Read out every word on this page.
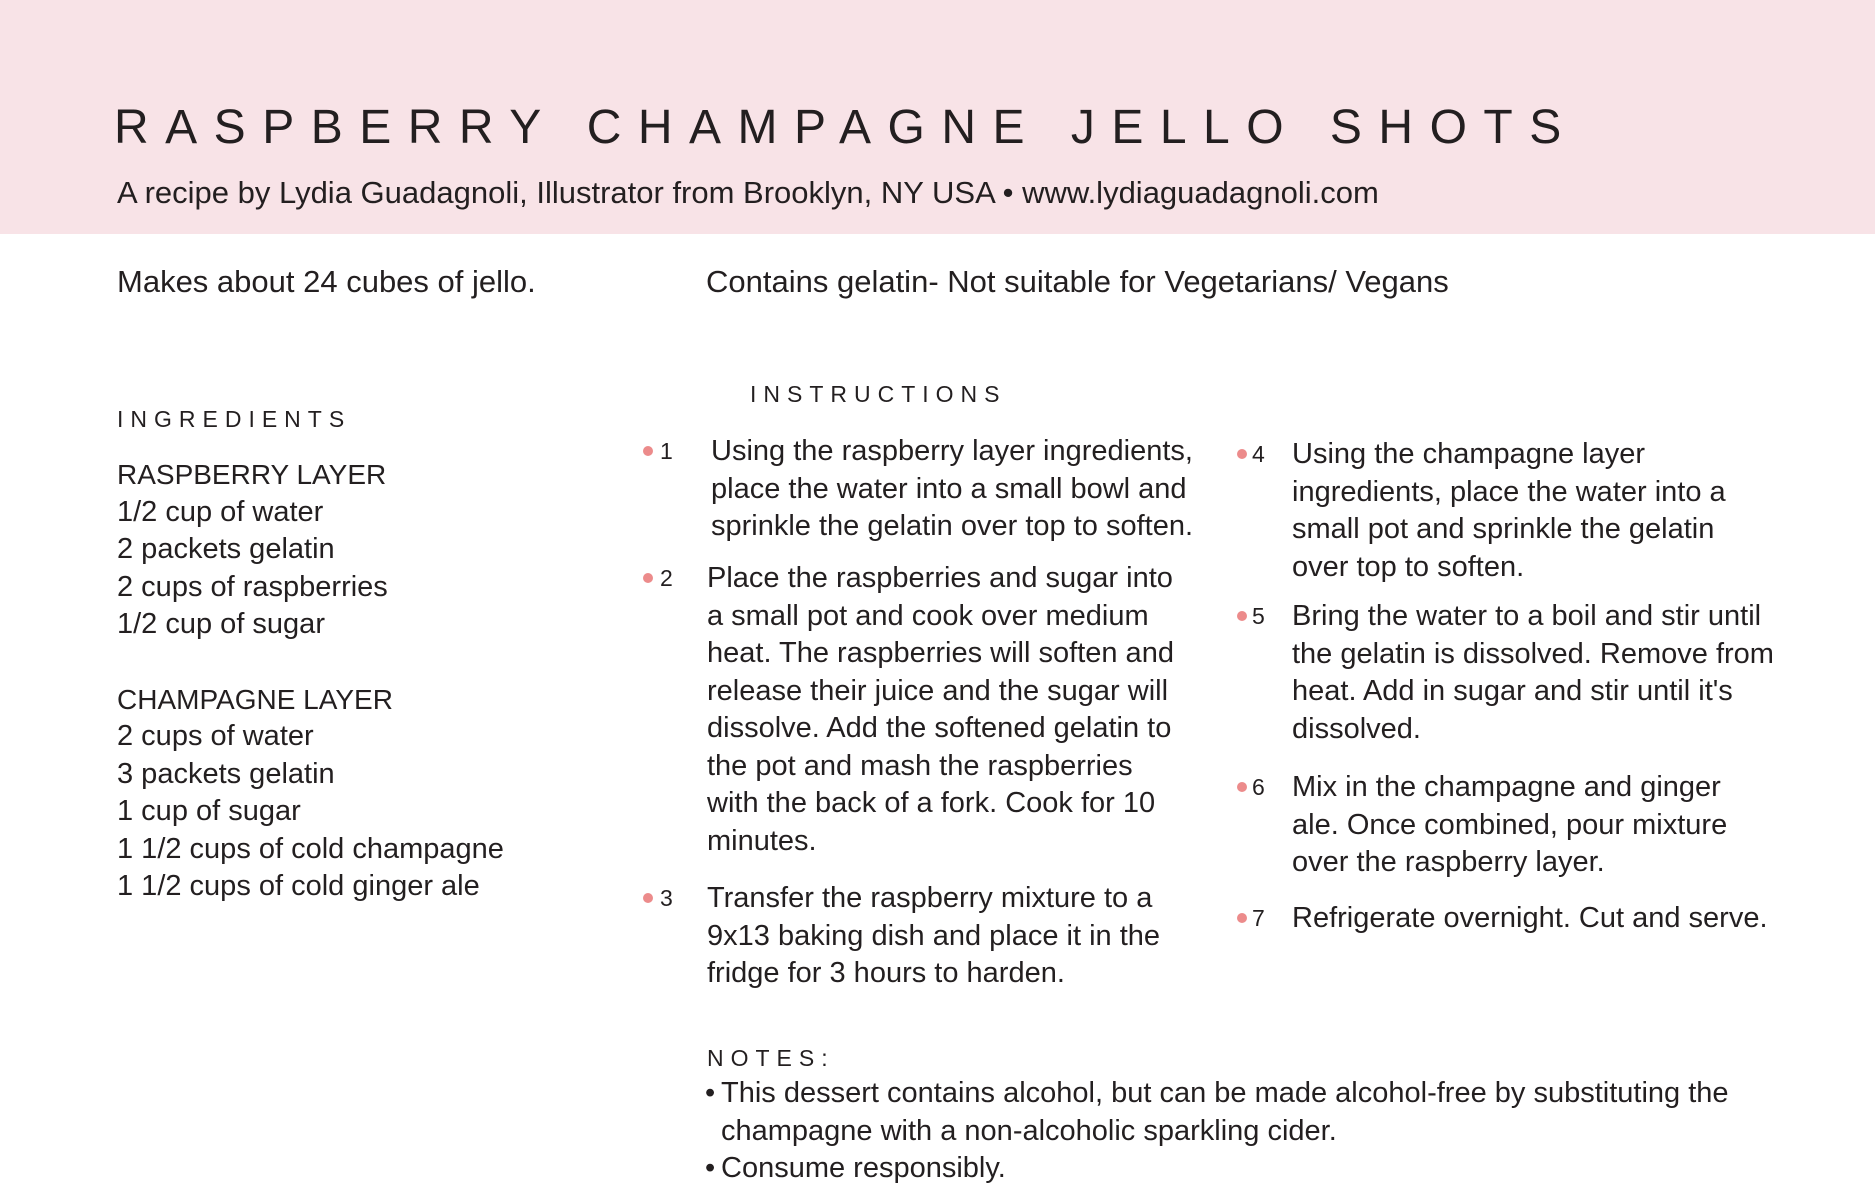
RASPBERRY CHAMPAGNE JELLO SHOTS
A recipe by Lydia Guadagnoli, Illustrator from Brooklyn, NY USA • www.lydiaguadagnoli.com
Makes about 24 cubes of jello.	Contains gelatin- Not suitable for Vegetarians/ Vegans
INGREDIENTS
RASPBERRY LAYER
1/2 cup of water
2 packets gelatin
2 cups of raspberries
1/2 cup of sugar
CHAMPAGNE LAYER
2 cups of water
3 packets gelatin
1 cup of sugar
1 1/2 cups of cold champagne
1 1/2 cups of cold ginger ale
INSTRUCTIONS
1 Using the raspberry layer ingredients, place the water into a small bowl and sprinkle the gelatin over top to soften.
2 Place the raspberries and sugar into a small pot and cook over medium heat. The raspberries will soften and release their juice and the sugar will dissolve. Add the softened gelatin to the pot and mash the raspberries with the back of a fork. Cook for 10 minutes.
3 Transfer the raspberry mixture to a 9x13 baking dish and place it in the fridge for 3 hours to harden.
4 Using the champagne layer ingredients, place the water into a small pot and sprinkle the gelatin over top to soften.
5 Bring the water to a boil and stir until the gelatin is dissolved. Remove from heat. Add in sugar and stir until it's dissolved.
6 Mix in the champagne and ginger ale. Once combined, pour mixture over the raspberry layer.
7 Refrigerate overnight. Cut and serve.
NOTES:
• This dessert contains alcohol, but can be made alcohol-free by substituting the
champagne with a non-alcoholic sparkling cider.
• Consume responsibly.
